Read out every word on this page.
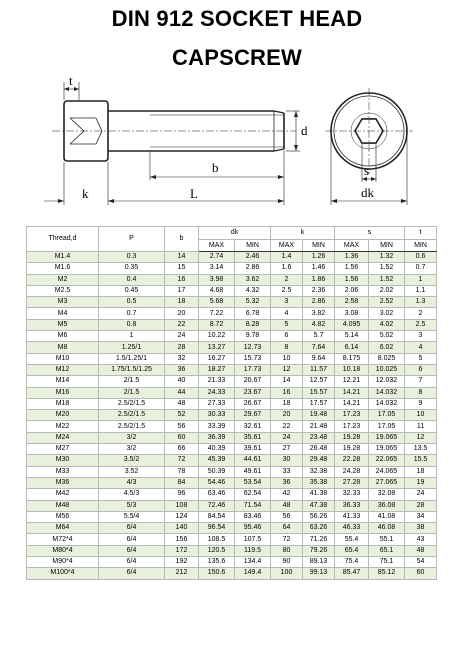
DIN 912 SOCKET HEAD
CAPSCREW
t
b
k	L
d
s
dk
Thread,d	P	b	dk		k		s		t
			MAX	MIN	MAX	MIN	MAX	MIN	MIN
M1.4	0.3	14	2.74	2.46	1.4	1.26	1.36	1.32	0.6
M1.6	0.35	15	3.14	2.86	1.6	1.46	1.56	1.52	0.7
M2	0.4	16	3.98	3.62	2	1.86	1.56	1.52	1
M2.5	0.45	17	4.68	4.32	2.5	2.36	2.06	2.02	1.1
M3	0.5	18	5.68	5.32	3	2.86	2.58	2.52	1.3
M4	0.7	20	7.22	6.78	4	3.82	3.08	3.02	2
M5	0.8	22	8.72	8.28	5	4.82	4.095	4.02	2.5
M6	1	24	10.22	9.78	6	5.7	5.14	5.02	3
M8	1.25/1	28	13.27	12.73	8	7.64	6.14	6.02	4
M10	1.5/1.25/1	32	16.27	15.73	10	9.64	8.175	8.025	5
M12	1.75/1.5/1.25	36	18.27	17.73	12	11.57	10.18	10.025	6
M14	2/1.5	40	21.33	20.67	14	12.57	12.21	12.032	7
M16	2/1.5	44	24.33	23.67	16	15.57	14.21	14.032	8
M18	2.5/2/1.5	48	27.33	26.67	18	17.57	14.21	14.032	9
M20	2.5/2/1.5	52	30.33	29.67	20	19.48	17.23	17.05	10
M22	2.5/2/1.5	56	33.39	32.61	22	21.48	17.23	17.05	11
M24	3/2	60	36.39	35.61	24	23.48	19.28	19.065	12
M27	3/2	66	40.39	39.61	27	26.48	19.28	19.065	13.5
M30	3.5/2	72	45.39	44.61	30	29.48	22.28	22.065	15.5
M33	3.52	78	50.39	49.61	33	32.38	24.28	24.065	18
M36	4/3	84	54.46	53.54	36	35.38	27.28	27.065	19
M42	4.5/3	96	63.46	62.54	42	41.38	32.33	32.08	24
M48	5/3	108	72.46	71.54	48	47.38	36.33	36.08	28
M56	5.5/4	124	84.54	83.46	56	56.26	41.33	41.08	34
M64	6/4	140	96.54	95.46	64	63.26	46.33	46.08	38
M72*4	6/4	156	108.5	107.5	72	71.26	55.4	55.1	43
M80*4	6/4	172	120.5	119.5	80	79.26	65.4	65.1	48
M90*4	6/4	192	135.6	134.4	90	89.13	75.4	75.1	54
M100*4	6/4	212	150.6	149.4	100	99.13	85.47	85.12	60
